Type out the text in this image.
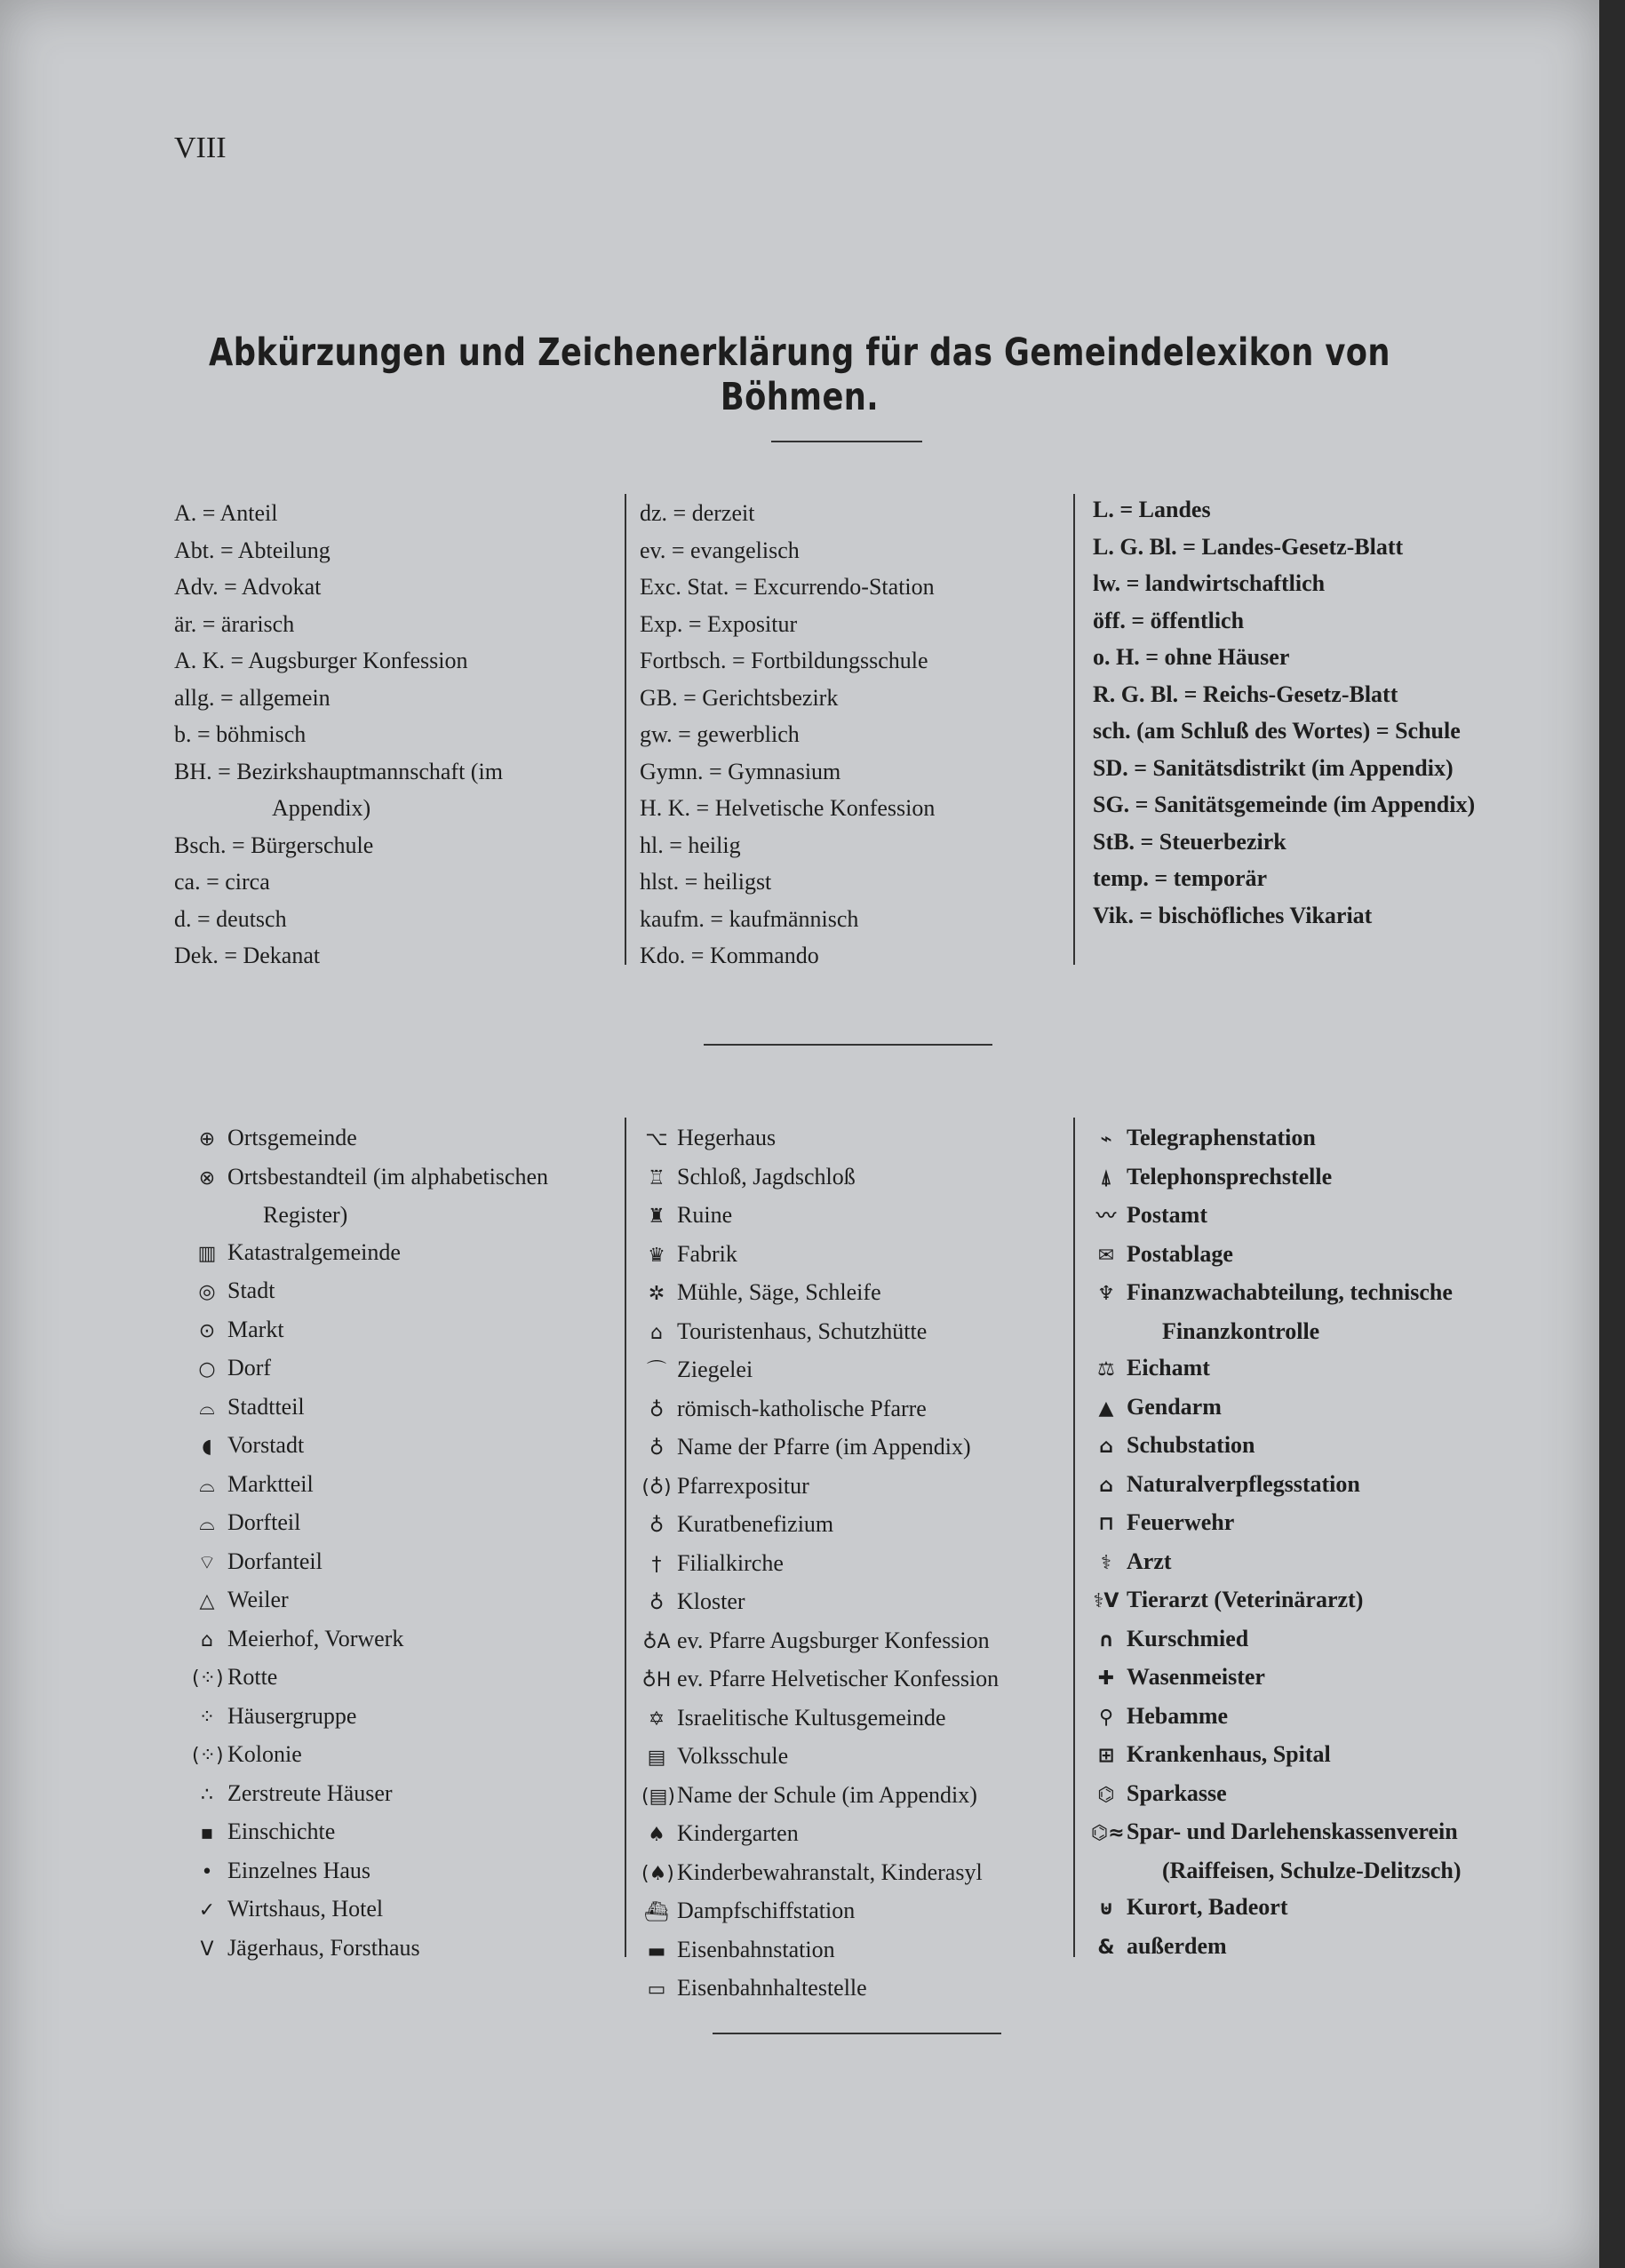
VIII
Abkürzungen und Zeichenerklärung für das Gemeindelexikon von Böhmen.
A. = Anteil
Abt. = Abteilung
Adv. = Advokat
är. = ärarisch
A. K. = Augsburger Konfession
allg. = allgemein
b. = böhmisch
BH. = Bezirkshauptmannschaft (im
Appendix)
Bsch. = Bürgerschule
ca. = circa
d. = deutsch
Dek. = Dekanat
dz. = derzeit
ev. = evangelisch
Exc. Stat. = Excurrendo-Station
Exp. = Expositur
Fortbsch. = Fortbildungsschule
GB. = Gerichtsbezirk
gw. = gewerblich
Gymn. = Gymnasium
H. K. = Helvetische Konfession
hl. = heilig
hlst. = heiligst
kaufm. = kaufmännisch
Kdo. = Kommando
L. = Landes
L. G. Bl. = Landes-Gesetz-Blatt
lw. = landwirtschaftlich
öff. = öffentlich
o. H. = ohne Häuser
R. G. Bl. = Reichs-Gesetz-Blatt
sch. (am Schluß des Wortes) = Schule
SD. = Sanitätsdistrikt (im Appendix)
SG. = Sanitätsgemeinde (im Appendix)
StB. = Steuerbezirk
temp. = temporär
Vik. = bischöfliches Vikariat
⊕ Ortsgemeinde
⊗ Ortsbestandteil (im alphabetischen
Register)
▥ Katastralgemeinde
◎ Stadt
⊙ Markt
○ Dorf
⌓ Stadtteil
◖ Vorstadt
⌓ Marktteil
⌓ Dorfteil
⌔ Dorfanteil
△ Weiler
⌂ Meierhof, Vorwerk
(⁘) Rotte
⁘ Häusergruppe
(⁘) Kolonie
∴ Zerstreute Häuser
▪ Einschichte
• Einzelnes Haus
✓ Wirtshaus, Hotel
Ⅴ Jägerhaus, Forsthaus
⌥ Hegerhaus
♖ Schloß, Jagdschloß
♜ Ruine
♛ Fabrik
✲ Mühle, Säge, Schleife
⌂ Touristenhaus, Schutzhütte
⌒ Ziegelei
♁ römisch-katholische Pfarre
♁ Name der Pfarre (im Appendix)
(♁) Pfarrexpositur
♁ Kuratbenefizium
† Filialkirche
♁ Kloster
♁A ev. Pfarre Augsburger Konfession
♁H ev. Pfarre Helvetischer Konfession
✡ Israelitische Kultusgemeinde
▤ Volksschule
(▤)Name der Schule (im Appendix)
♠ Kindergarten
(♠) Kinderbewahranstalt, Kinderasyl
⛴ Dampfschiffstation
▬ Eisenbahnstation
▭ Eisenbahnhaltestelle
⌁ Telegraphenstation
⍋ Telephonsprechstelle
〰 Postamt
✉ Postablage
♆ Finanzwachabteilung, technische
Finanzkontrolle
⚖ Eichamt
▲ Gendarm
⌂ Schubstation
⌂ Naturalverpflegsstation
⊓ Feuerwehr
⚕ Arzt
⚕V Tierarzt (Veterinärarzt)
∩ Kurschmied
✚ Wasenmeister
⚲ Hebamme
⊞ Krankenhaus, Spital
⌬ Sparkasse
⌬≈Spar- und Darlehenskassenverein
(Raiffeisen, Schulze-Delitzsch)
⊎ Kurort, Badeort
& außerdem
